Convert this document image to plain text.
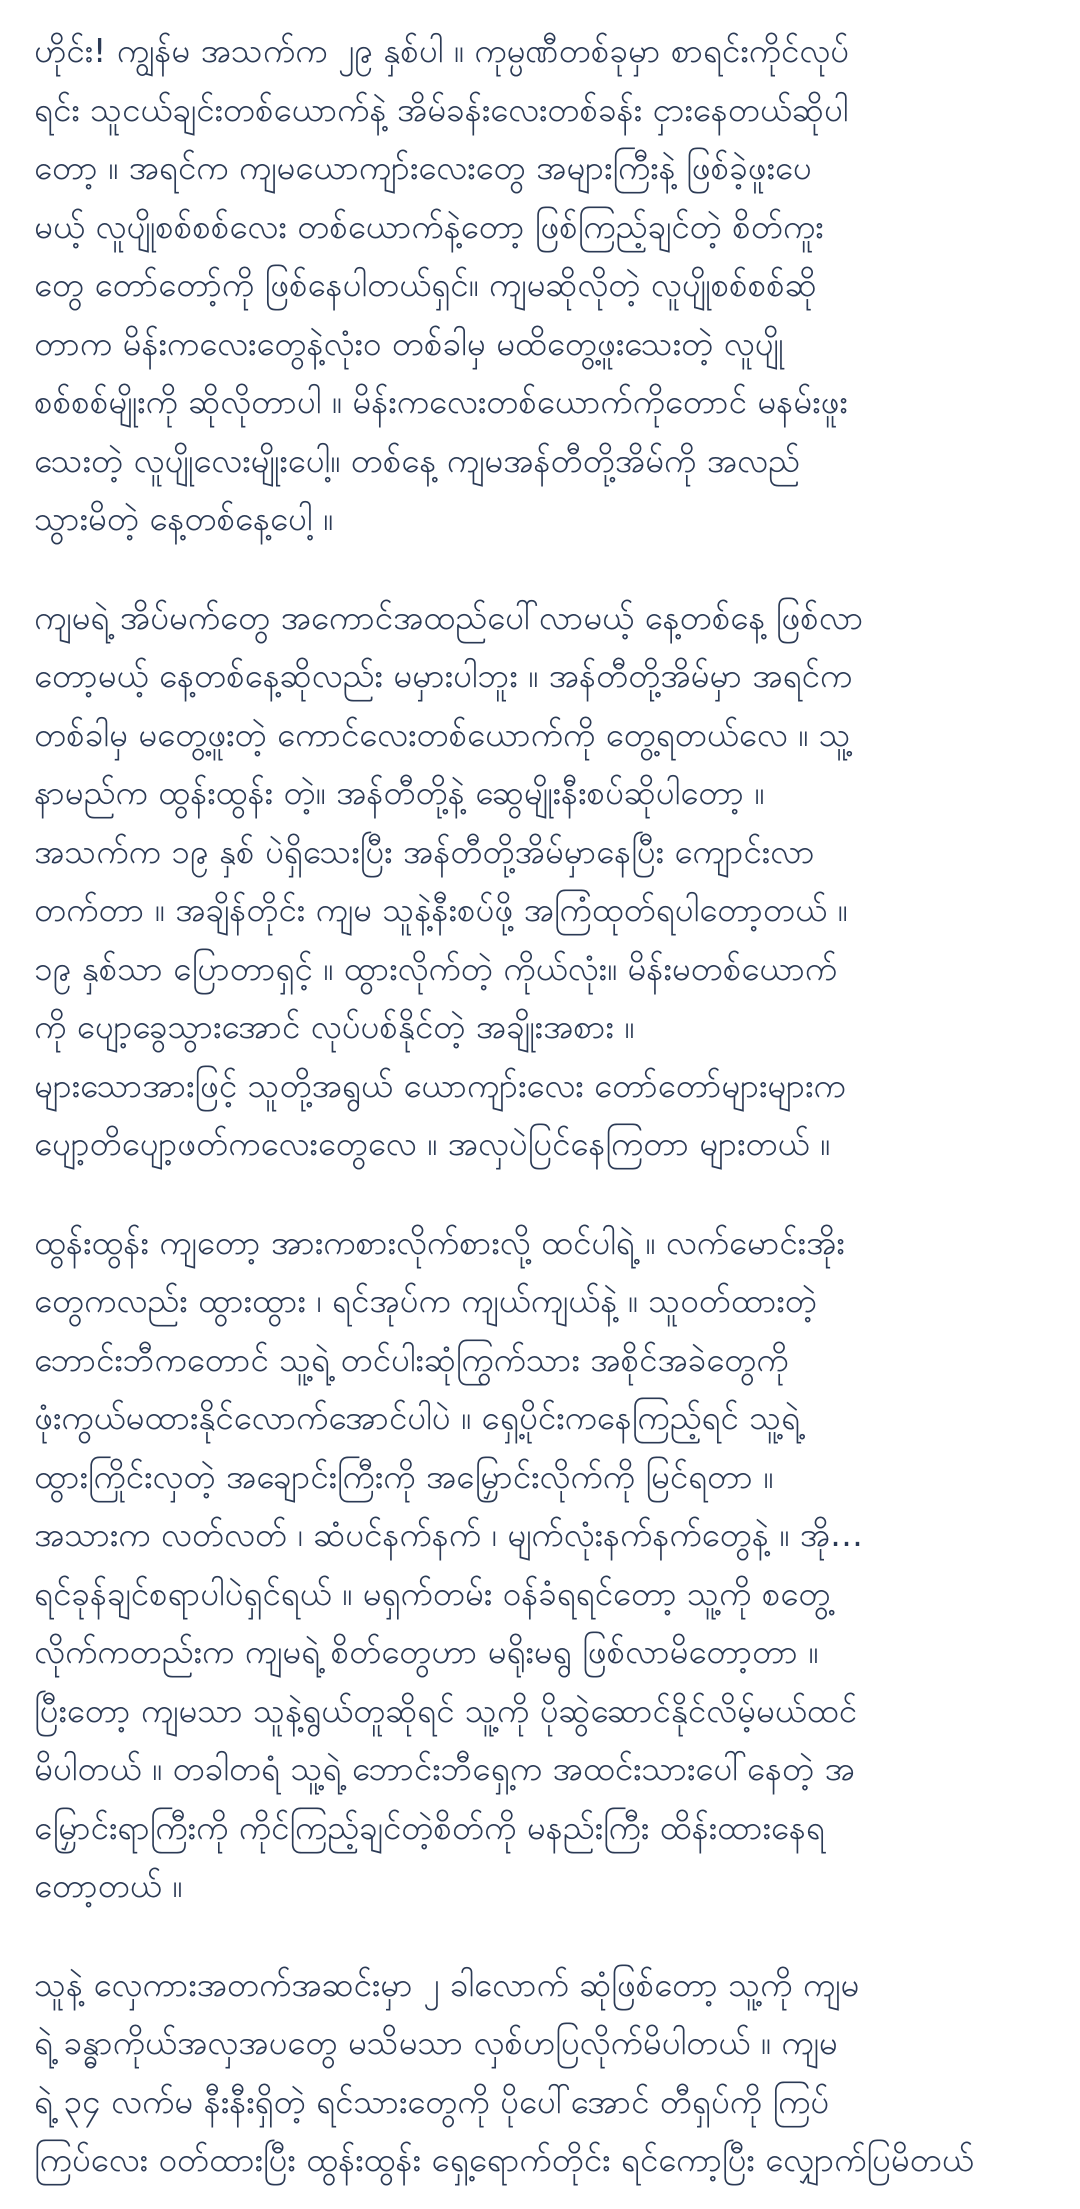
ဟိုင်း! ကျွန်မ အသက်က ၂၉ နှစ်ပါ ။ ကုမ္ပဏီတစ်ခုမှာ စာရင်းကိုင်လုပ်
ရင်း သူငယ်ချင်းတစ်ယောက်နဲ့ အိမ်ခန်းလေးတစ်ခန်း ငှားနေတယ်ဆိုပါ
တော့ ။ အရင်က ကျမယောကျာ်းလေးတွေ အများကြီးနဲ့ ဖြစ်ခဲ့ဖူးပေ
မယ့် လူပျိုစစ်စစ်လေး တစ်ယောက်နဲ့တော့ ဖြစ်ကြည့်ချင်တဲ့ စိတ်ကူး
တွေ တော်တော့်ကို ဖြစ်နေပါတယ်ရှင်။ ကျမဆိုလိုတဲ့ လူပျိုစစ်စစ်ဆို
တာက မိန်းကလေးတွေနဲ့လုံးဝ တစ်ခါမှ မထိတွေ့ဖူးသေးတဲ့ လူပျို
စစ်စစ်မျိုးကို ဆိုလိုတာပါ ။ မိန်းကလေးတစ်ယောက်ကိုတောင် မနမ်းဖူး
သေးတဲ့ လူပျိုလေးမျိုးပေါ့။ တစ်နေ့ ကျမအန်တီတို့အိမ်ကို အလည်
သွားမိတဲ့ နေ့တစ်နေ့ပေါ့ ။

ကျမရဲ့ အိပ်မက်တွေ အကောင်အထည်ပေါ်လာမယ့် နေ့တစ်နေ့ ဖြစ်လာ
တော့မယ့် နေ့တစ်နေ့ဆိုလည်း မမှားပါဘူး ။ အန်တီတို့အိမ်မှာ အရင်က
တစ်ခါမှ မတွေ့ဖူးတဲ့ ကောင်လေးတစ်ယောက်ကို တွေ့ရတယ်လေ ။ သူ့
နာမည်က ထွန်းထွန်း တဲ့။ အန်တီတို့နဲ့ ဆွေမျိုးနီးစပ်ဆိုပါတော့ ။
အသက်က ၁၉ နှစ် ပဲရှိသေးပြီး အန်တီတို့အိမ်မှာနေပြီး ကျောင်းလာ
တက်တာ ။ အချိန်တိုင်း ကျမ သူနဲ့နီးစပ်ဖို့ အကြံထုတ်ရပါတော့တယ် ။
၁၉ နှစ်သာ ပြောတာရှင့် ။ ထွားလိုက်တဲ့ ကိုယ်လုံး။ မိန်းမတစ်ယောက်
ကို ပျော့ခွေသွားအောင် လုပ်ပစ်နိုင်တဲ့ အချိုးအစား ။
များသောအားဖြင့် သူတို့အရွယ် ယောကျာ်းလေး တော်တော်များများက
ပျော့တိပျော့ဖတ်ကလေးတွေလေ ။ အလှပဲပြင်နေကြတာ များတယ် ။

ထွန်းထွန်း ကျတော့ အားကစားလိုက်စားလို့ ထင်ပါရဲ့ ။ လက်မောင်းအိုး
တွေကလည်း ထွားထွား ၊ ရင်အုပ်က ကျယ်ကျယ်နဲ့ ။ သူဝတ်ထားတဲ့
ဘောင်းဘီကတောင် သူ့ရဲ့ တင်ပါးဆုံကြွက်သား အစိုင်အခဲတွေကို
ဖုံးကွယ်မထားနိုင်လောက်အောင်ပါပဲ ။ ရှေ့ပိုင်းကနေကြည့်ရင် သူ့ရဲ့
ထွားကြိုင်းလှတဲ့ အချောင်းကြီးကို အမြှောင်းလိုက်ကို မြင်ရတာ ။
အသားက လတ်လတ် ၊ ဆံပင်နက်နက် ၊ မျက်လုံးနက်နက်တွေနဲ့ ။ အို…
ရင်ခုန်ချင်စရာပါပဲရှင်ရယ် ။ မရှက်တမ်း ဝန်ခံရရင်တော့ သူ့ကို စတွေ့
လိုက်ကတည်းက ကျမရဲ့ စိတ်တွေဟာ မရိုးမရွ ဖြစ်လာမိတော့တာ ။
ပြီးတော့ ကျမသာ သူနဲ့ရွယ်တူဆိုရင် သူ့ကို ပိုဆွဲဆောင်နိုင်လိမ့်မယ်ထင်
မိပါတယ် ။ တခါတရံ သူ့ရဲ့ ဘောင်းဘီရှေ့က အထင်းသားပေါ်နေတဲ့ အ
မြှောင်းရာကြီးကို ကိုင်ကြည့်ချင်တဲ့စိတ်ကို မနည်းကြီး ထိန်းထားနေရ
တော့တယ် ။

သူနဲ့ လှေကားအတက်အဆင်းမှာ ၂ ခါလောက် ဆုံဖြစ်တော့ သူ့ကို ကျမ
ရဲ့ ခန္ဓာကိုယ်အလှအပတွေ မသိမသာ လှစ်ဟပြလိုက်မိပါတယ် ။ ကျမ
ရဲ့ ၃၄ လက်မ နီးနီးရှိတဲ့ ရင်သားတွေကို ပိုပေါ်အောင် တီရှပ်ကို ကြပ်
ကြပ်လေး ဝတ်ထားပြီး ထွန်းထွန်း ရှေ့ရောက်တိုင်း ရင်ကော့ပြီး လျှောက်ပြမိတယ်
